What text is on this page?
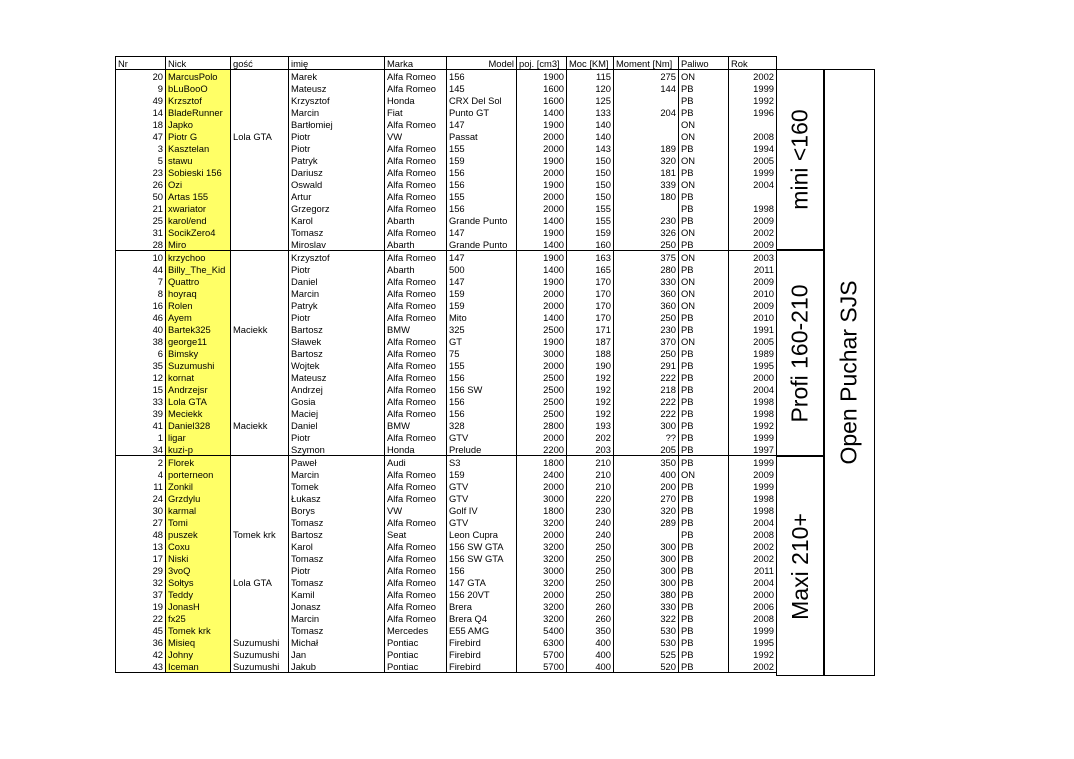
Nr	Nick	gość	imię	Marka	Model	poj. [cm3]	Moc [KM]	Moment [Nm]	Paliwo	Rok
20	MarcusPolo		Marek	Alfa Romeo	156	1900	115	275	ON	2002
9	bLuBooO		Mateusz	Alfa Romeo	145	1600	120	144	PB	1999
49	Krzsztof		Krzysztof	Honda	CRX Del Sol	1600	125		PB	1992
14	BladeRunner		Marcin	Fiat	Punto GT	1400	133	204	PB	1996
18	Japko		Bartłomiej	Alfa Romeo	147	1900	140		ON	
47	Piotr G	Lola GTA	Piotr	VW	Passat	2000	140		ON	2008
3	Kasztelan		Piotr	Alfa Romeo	155	2000	143	189	PB	1994
5	stawu		Patryk	Alfa Romeo	159	1900	150	320	ON	2005
23	Sobieski 156		Dariusz	Alfa Romeo	156	2000	150	181	PB	1999
26	Ozi		Oswald	Alfa Romeo	156	1900	150	339	ON	2004
50	Artas 155		Artur	Alfa Romeo	155	2000	150	180	PB	
21	xwariator		Grzegorz	Alfa Romeo	156	2000	155		PB	1998
25	karol/end		Karol	Abarth	Grande Punto	1400	155	230	PB	2009
31	SocikZero4		Tomasz	Alfa Romeo	147	1900	159	326	ON	2002
28	Miro		Miroslav	Abarth	Grande Punto	1400	160	250	PB	2009
10	krzychoo		Krzysztof	Alfa Romeo	147	1900	163	375	ON	2003
44	Billy_The_Kid		Piotr	Abarth	500	1400	165	280	PB	2011
7	Quattro		Daniel	Alfa Romeo	147	1900	170	330	ON	2009
8	hoyraq		Marcin	Alfa Romeo	159	2000	170	360	ON	2010
16	Rolen		Patryk	Alfa Romeo	159	2000	170	360	ON	2009
46	Ayem		Piotr	Alfa Romeo	Mito	1400	170	250	PB	2010
40	Bartek325	Maciekk	Bartosz	BMW	325	2500	171	230	PB	1991
38	george11		Sławek	Alfa Romeo	GT	1900	187	370	ON	2005
6	Bimsky		Bartosz	Alfa Romeo	75	3000	188	250	PB	1989
35	Suzumushi		Wojtek	Alfa Romeo	155	2000	190	291	PB	1995
12	kornat		Mateusz	Alfa Romeo	156	2500	192	222	PB	2000
15	Andrzejsr		Andrzej	Alfa Romeo	156 SW	2500	192	218	PB	2004
33	Lola GTA		Gosia	Alfa Romeo	156	2500	192	222	PB	1998
39	Meciekk		Maciej	Alfa Romeo	156	2500	192	222	PB	1998
41	Daniel328	Maciekk	Daniel	BMW	328	2800	193	300	PB	1992
1	ligar		Piotr	Alfa Romeo	GTV	2000	202	??	PB	1999
34	kuzi-p		Szymon	Honda	Prelude	2200	203	205	PB	1997
2	Florek		Paweł	Audi	S3	1800	210	350	PB	1999
4	porterneon		Marcin	Alfa Romeo	159	2400	210	400	ON	2009
11	Zonkil		Tomek	Alfa Romeo	GTV	2000	210	200	PB	1999
24	Grzdylu		Łukasz	Alfa Romeo	GTV	3000	220	270	PB	1998
30	karmal		Borys	VW	Golf IV	1800	230	320	PB	1998
27	Tomi		Tomasz	Alfa Romeo	GTV	3200	240	289	PB	2004
48	puszek	Tomek krk	Bartosz	Seat	Leon Cupra	2000	240		PB	2008
13	Coxu		Karol	Alfa Romeo	156 SW GTA	3200	250	300	PB	2002
17	Niski		Tomasz	Alfa Romeo	156 SW GTA	3200	250	300	PB	2002
29	3voQ		Piotr	Alfa Romeo	156	3000	250	300	PB	2011
32	Sołtys	Lola GTA	Tomasz	Alfa Romeo	147 GTA	3200	250	300	PB	2004
37	Teddy		Kamil	Alfa Romeo	156 20VT	2000	250	380	PB	2000
19	JonasH		Jonasz	Alfa Romeo	Brera	3200	260	330	PB	2006
22	fx25		Marcin	Alfa Romeo	Brera Q4	3200	260	322	PB	2008
45	Tomek krk		Tomasz	Mercedes	E55 AMG	5400	350	530	PB	1999
36	Misieq	Suzumushi	Michał	Pontiac	Firebird	6300	400	530	PB	1995
42	Johny	Suzumushi	Jan	Pontiac	Firebird	5700	400	525	PB	1992
43	Iceman	Suzumushi	Jakub	Pontiac	Firebird	5700	400	520	PB	2002
mini <160
Profi 160-210
Maxi 210+
Open Puchar SJS
